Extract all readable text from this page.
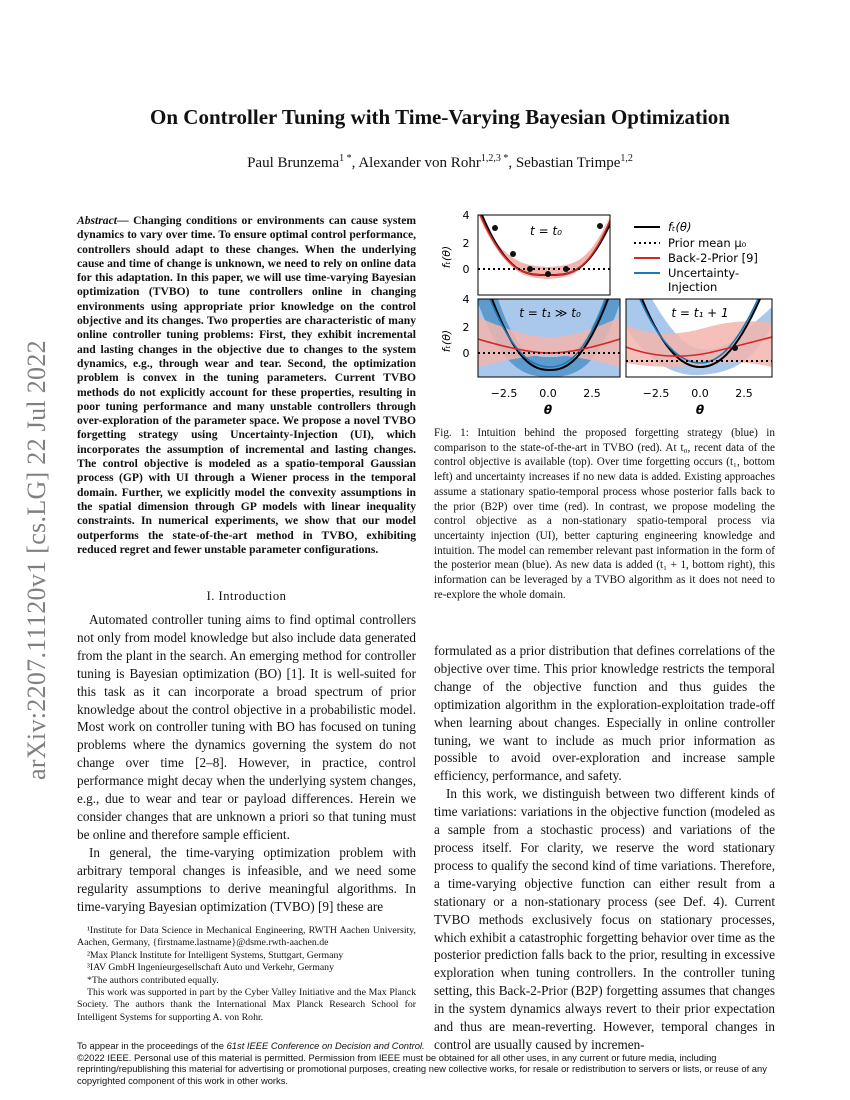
arXiv:2207.11120v1 [cs.LG] 22 Jul 2022
On Controller Tuning with Time-Varying Bayesian Optimization
Paul Brunzema$^{1 *}$, Alexander von Rohr$^{1,2,3 *}$, Sebastian Trimpe$^{1,2}$
Abstract— Changing conditions or environments can cause system dynamics to vary over time. To ensure optimal control performance, controllers should adapt to these changes. When the underlying cause and time of change is unknown, we need to rely on online data for this adaptation. In this paper, we will use time-varying Bayesian optimization (TVBO) to tune controllers online in changing environments using appropriate prior knowledge on the control objective and its changes. Two properties are characteristic of many online controller tuning problems: First, they exhibit incremental and lasting changes in the objective due to changes to the system dynamics, e.g., through wear and tear. Second, the optimization problem is convex in the tuning parameters. Current TVBO methods do not explicitly account for these properties, resulting in poor tuning performance and many unstable controllers through over-exploration of the parameter space. We propose a novel TVBO forgetting strategy using Uncertainty-Injection (UI), which incorporates the assumption of incremental and lasting changes. The control objective is modeled as a spatio-temporal Gaussian process (GP) with UI through a Wiener process in the temporal domain. Further, we explicitly model the convexity assumptions in the spatial dimension through GP models with linear inequality constraints. In numerical experiments, we show that our model outperforms the state-of-the-art method in TVBO, exhibiting reduced regret and fewer unstable parameter configurations.
I. Introduction

Automated controller tuning aims to find optimal controllers not only from model knowledge but also include data generated from the plant in the search. An emerging method for controller tuning is Bayesian optimization (BO) [1]. It is well-suited for this task as it can incorporate a broad spectrum of prior knowledge about the control objective in a probabilistic model. Most work on controller tuning with BO has focused on tuning problems where the dynamics governing the system do not change over time [2–8]. However, in practice, control performance might decay when the underlying system changes, e.g., due to wear and tear or payload differences. Herein we consider changes that are unknown a priori so that tuning must be online and therefore sample efficient.

In general, the time-varying optimization problem with arbitrary temporal changes is infeasible, and we need some regularity assumptions to derive meaningful algorithms. In time-varying Bayesian optimization (TVBO) [9] these are

¹Institute for Data Science in Mechanical Engineering, RWTH Aachen University, Aachen, Germany, {firstname.lastname}@dsme.rwth-aachen.de

²Max Planck Institute for Intelligent Systems, Stuttgart, Germany

³IAV GmbH Ingenieurgesellschaft Auto und Verkehr, Germany

*The authors contributed equally.

This work was supported in part by the Cyber Valley Initiative and the Max Planck Society. The authors thank the International Max Planck Research School for Intelligent Systems for supporting A. von Rohr.

t = t₀
4
2
0
fₜ(θ)
fₜ(θ)
Prior mean μ₀
Back-2-Prior [9]
Uncertainty-
Injection
t = t₁ ≫ t₀
4
2
0
fₜ(θ)
−2.5 0.0 2.5
θ
t = t₁ + 1
−2.5 0.0 2.5
θ
Fig. 1: Intuition behind the proposed forgetting strategy (blue) in comparison to the state-of-the-art in TVBO (red). At t₀, recent data of the control objective is available (top). Over time forgetting occurs (t₁, bottom left) and uncertainty increases if no new data is added. Existing approaches assume a stationary spatio-temporal process whose posterior falls back to the prior (B2P) over time (red). In contrast, we propose modeling the control objective as a non-stationary spatio-temporal process via uncertainty injection (UI), better capturing engineering knowledge and intuition. The model can remember relevant past information in the form of the posterior mean (blue). As new data is added (t₁ + 1, bottom right), this information can be leveraged by a TVBO algorithm as it does not need to re-explore the whole domain.

formulated as a prior distribution that defines correlations of the objective over time. This prior knowledge restricts the temporal change of the objective function and thus guides the optimization algorithm in the exploration-exploitation trade-off when learning about changes. Especially in online controller tuning, we want to include as much prior information as possible to avoid over-exploration and increase sample efficiency, performance, and safety.

In this work, we distinguish between two different kinds of time variations: variations in the objective function (modeled as a sample from a stochastic process) and variations of the process itself. For clarity, we reserve the word stationary process to qualify the second kind of time variations. Therefore, a time-varying objective function can either result from a stationary or a non-stationary process (see Def. 4). Current TVBO methods exclusively focus on stationary processes, which exhibit a catastrophic forgetting behavior over time as the posterior prediction falls back to the prior, resulting in excessive exploration when tuning controllers. In the controller tuning setting, this Back-2-Prior (B2P) forgetting assumes that changes in the system dynamics always revert to their prior expectation and thus are mean-reverting. However, temporal changes in control are usually caused by incremen-

To appear in the proceedings of the 61st IEEE Conference on Decision and Control.
©2022 IEEE. Personal use of this material is permitted. Permission from IEEE must be obtained for all other uses, in any current or future media, including reprinting/republishing this material for advertising or promotional purposes, creating new collective works, for resale or redistribution to servers or lists, or reuse of any copyrighted component of this work in other works.
